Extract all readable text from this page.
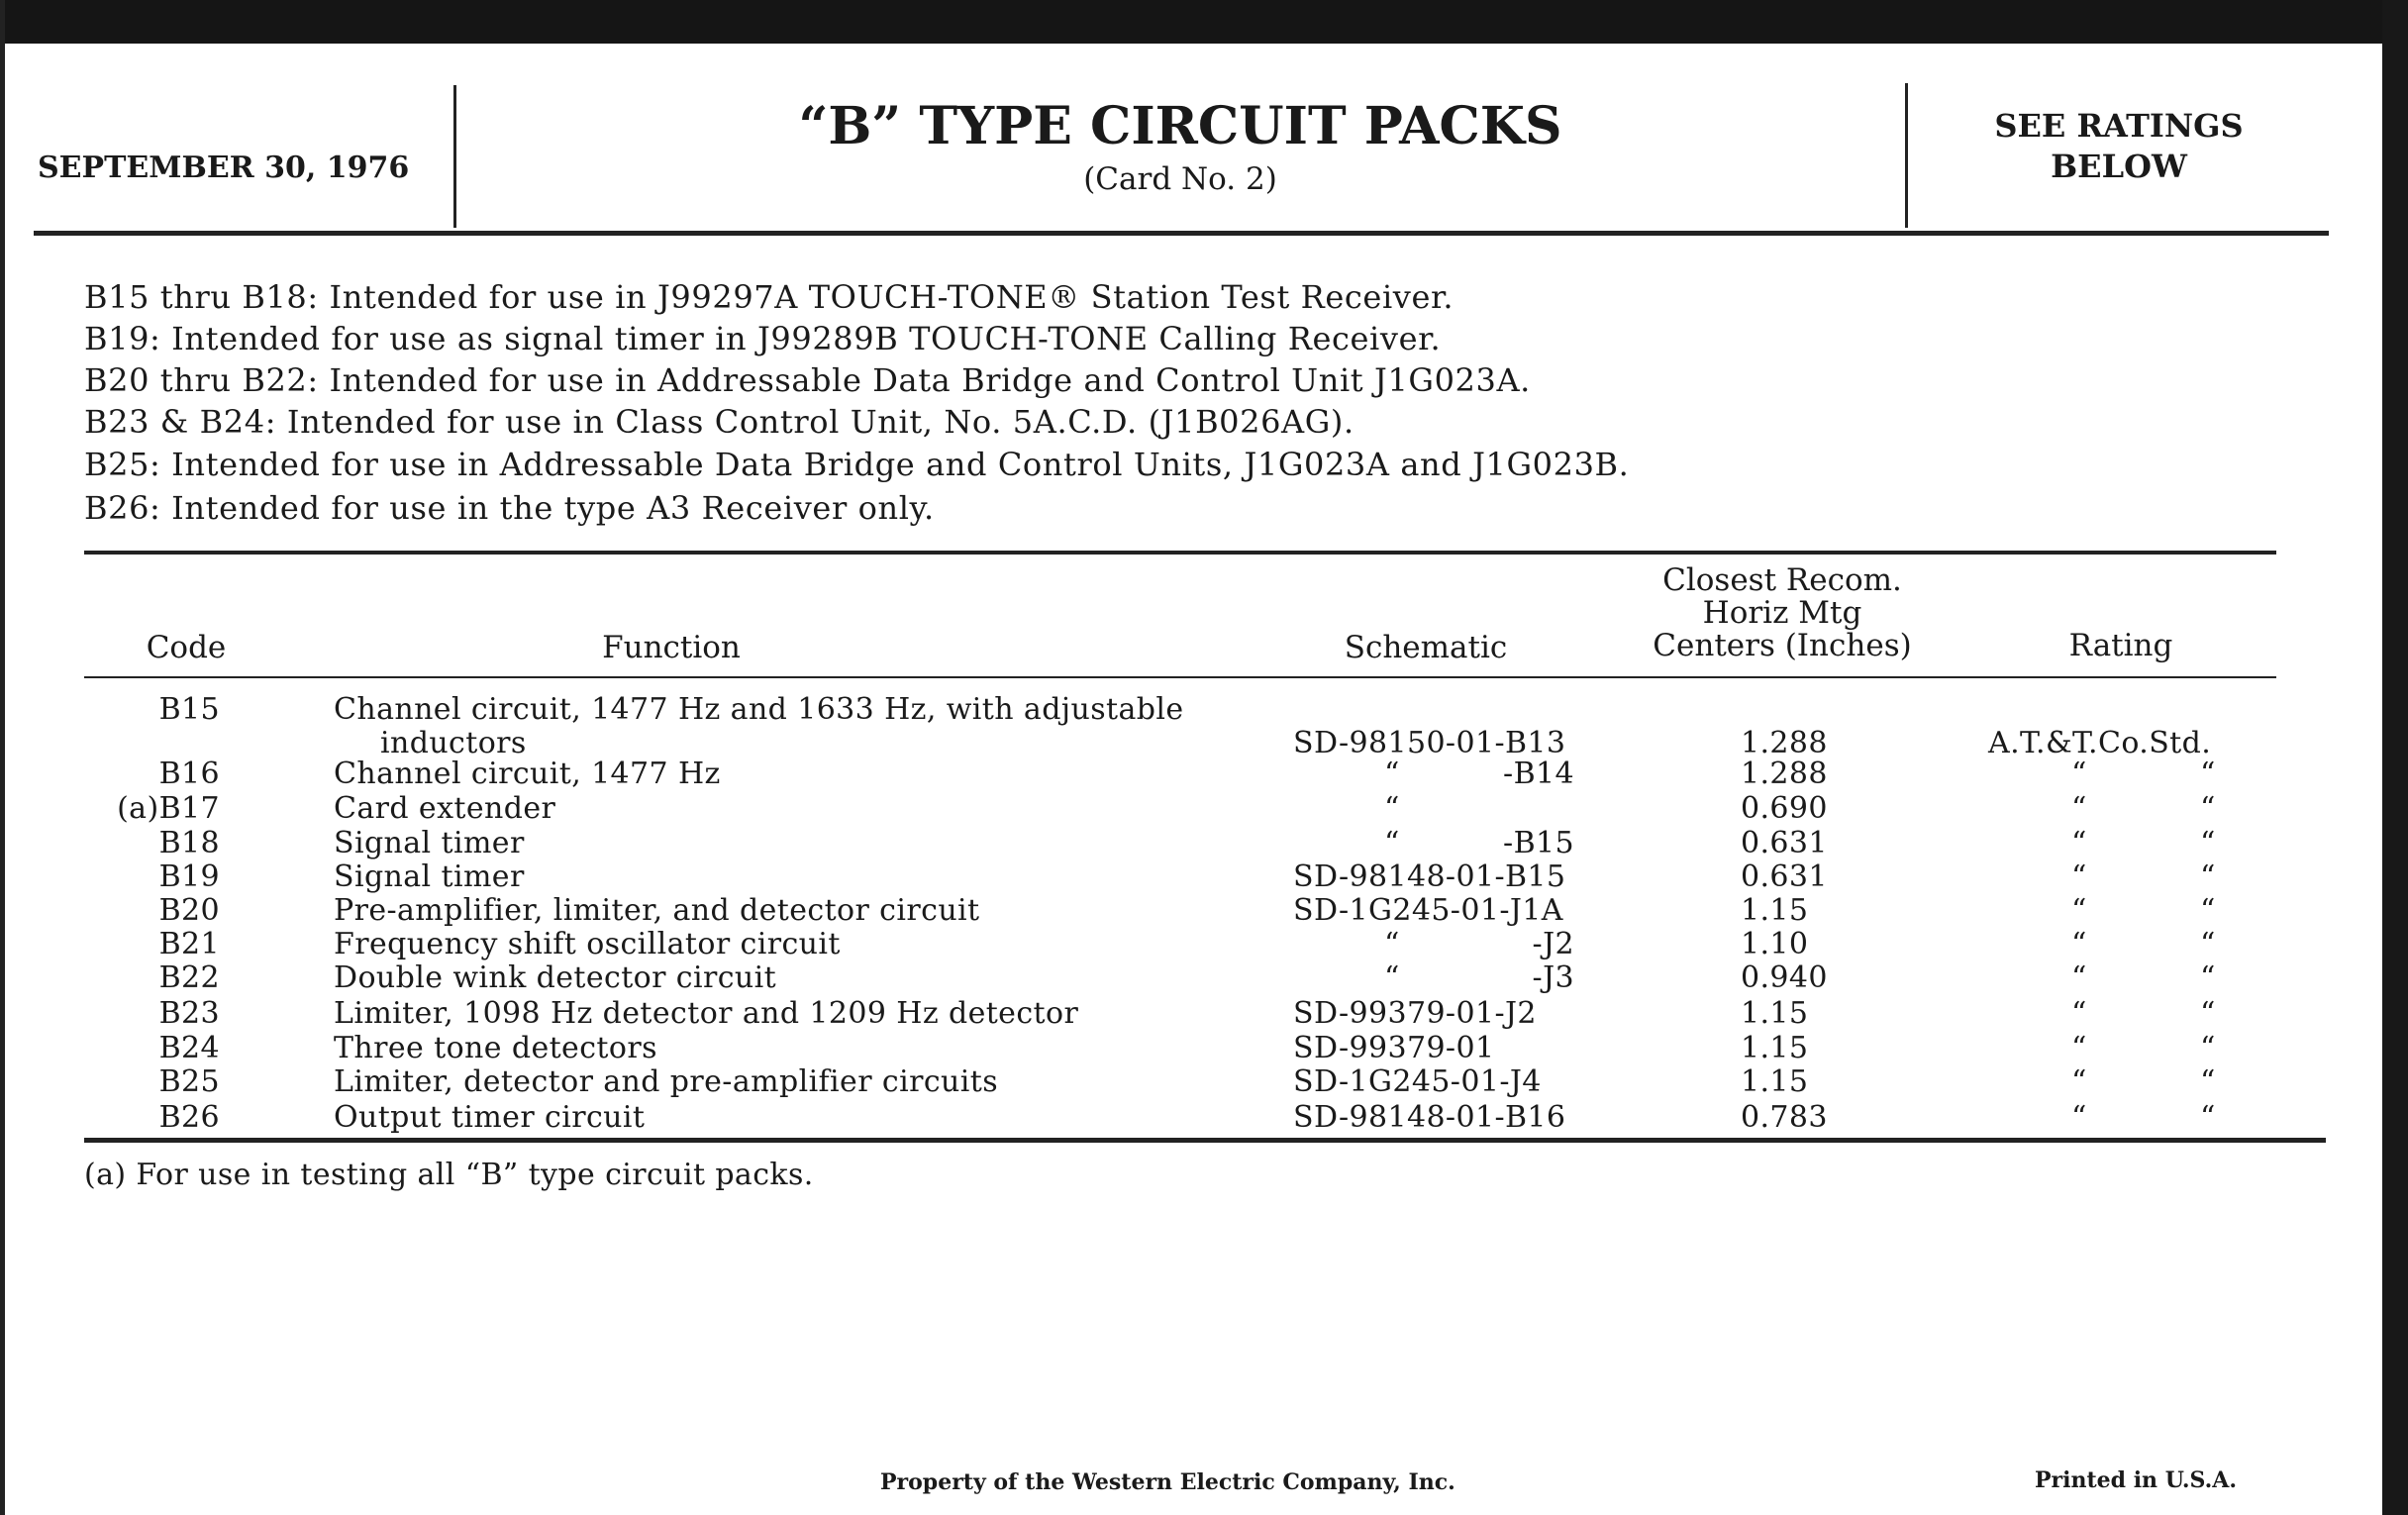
SEPTEMBER 30, 1976
“B” TYPE CIRCUIT PACKS
(Card No. 2)
SEE RATINGS
BELOW
B15 thru B18: Intended for use in J99297A TOUCH-TONE® Station Test Receiver.
B19: Intended for use as signal timer in J99289B TOUCH-TONE Calling Receiver.
B20 thru B22: Intended for use in Addressable Data Bridge and Control Unit J1G023A.
B23 & B24: Intended for use in Class Control Unit, No. 5A.C.D. (J1B026AG).
B25: Intended for use in Addressable Data Bridge and Control Units, J1G023A and J1G023B.
B26: Intended for use in the type A3 Receiver only.
Code	Function	Schematic
Closest Recom.
Horiz Mtg
Centers (Inches)	Rating
B15	Channel circuit, 1477 Hz and 1633 Hz, with adjustable
inductors	SD-98150-01-B13	1.288	A.T.&T.Co.Std.
B16	Channel circuit, 1477 Hz	“	-B14	1.288	“	“
(a)B17	Card extender	“	0.690	“	“
B18	Signal timer	“	-B15	0.631	“	“
B19	Signal timer	SD-98148-01-B15	0.631	“	“
B20	Pre-amplifier, limiter, and detector circuit	SD-1G245-01-J1A	1.15	“	“
B21	Frequency shift oscillator circuit	“	-J2	1.10	“	“
B22	Double wink detector circuit	“	-J3	0.940	“	“
B23	Limiter, 1098 Hz detector and 1209 Hz detector	SD-99379-01-J2	1.15	“	“
B24	Three tone detectors	SD-99379-01	1.15	“	“
B25	Limiter, detector and pre-amplifier circuits	SD-1G245-01-J4	1.15	“	“
B26	Output timer circuit	SD-98148-01-B16	0.783	“	“
(a) For use in testing all “B” type circuit packs.
Property of the Western Electric Company, Inc.	Printed in U.S.A.
